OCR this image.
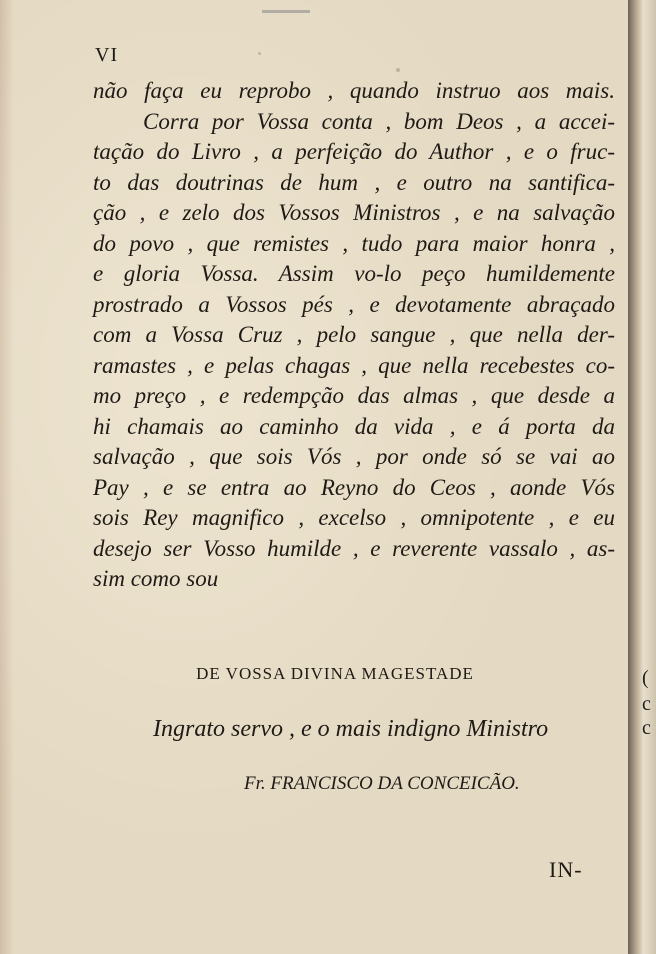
VI
não faça eu reprobo , quando instruo aos mais.
Corra por Vossa conta , bom Deos , a accei-
tação do Livro , a perfeição do Author , e o fruc-
to das doutrinas de hum , e outro na santifica-
ção , e zelo dos Vossos Ministros , e na salvação
do povo , que remistes , tudo para maior honra ,
e gloria Vossa. Assim vo-lo peço humildemente
prostrado a Vossos pés , e devotamente abraçado
com a Vossa Cruz , pelo sangue , que nella der-
ramastes , e pelas chagas , que nella recebestes co-
mo preço , e redempção das almas , que desde a
hi chamais ao caminho da vida , e á porta da
salvação , que sois Vós , por onde só se vai ao
Pay , e se entra ao Reyno do Ceos , aonde Vós
sois Rey magnifico , excelso , omnipotente , e eu
desejo ser Vosso humilde , e reverente vassalo , as-
sim como sou
DE VOSSA DIVINA MAGESTADE
Ingrato servo , e o mais indigno Ministro
Fr. FRANCISCO DA CONCEICÃO.
IN-
(
c
c
